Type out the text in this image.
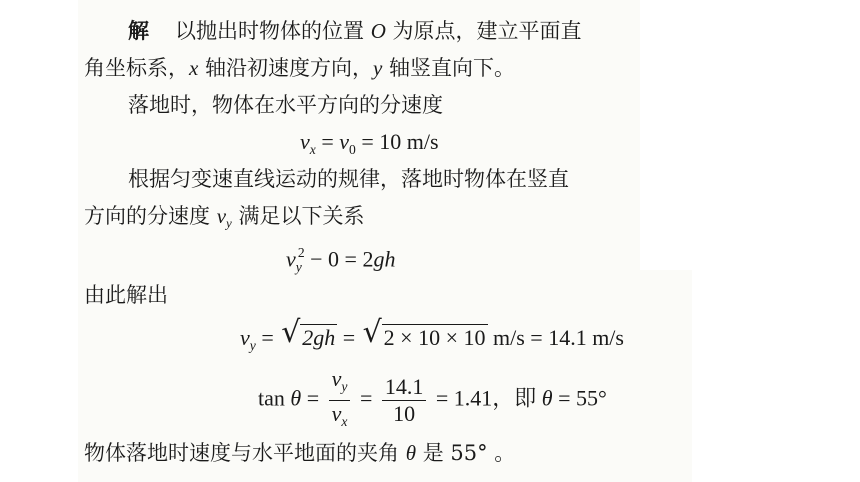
解 以抛出时物体的位置 O 为原点，建立平面直
角坐标系，x 轴沿初速度方向，y 轴竖直向下。
落地时，物体在水平方向的分速度
$v_x = v_0 = 10$ m/s
根据匀变速直线运动的规律，落地时物体在竖直
方向的分速度 $v_y$ 满足以下关系
$v_y^2 - 0 = 2gh$
由此解出
$v_y$ = √ 2gh = √ 2 × 10 × 10 m/s = 14.1 m/s
$\tan \theta = \frac{v_y}{v_x} = \frac{14.1}{10} = 1.41$，即 θ = 55°
物体落地时速度与水平地面的夹角 θ 是 55° 。
